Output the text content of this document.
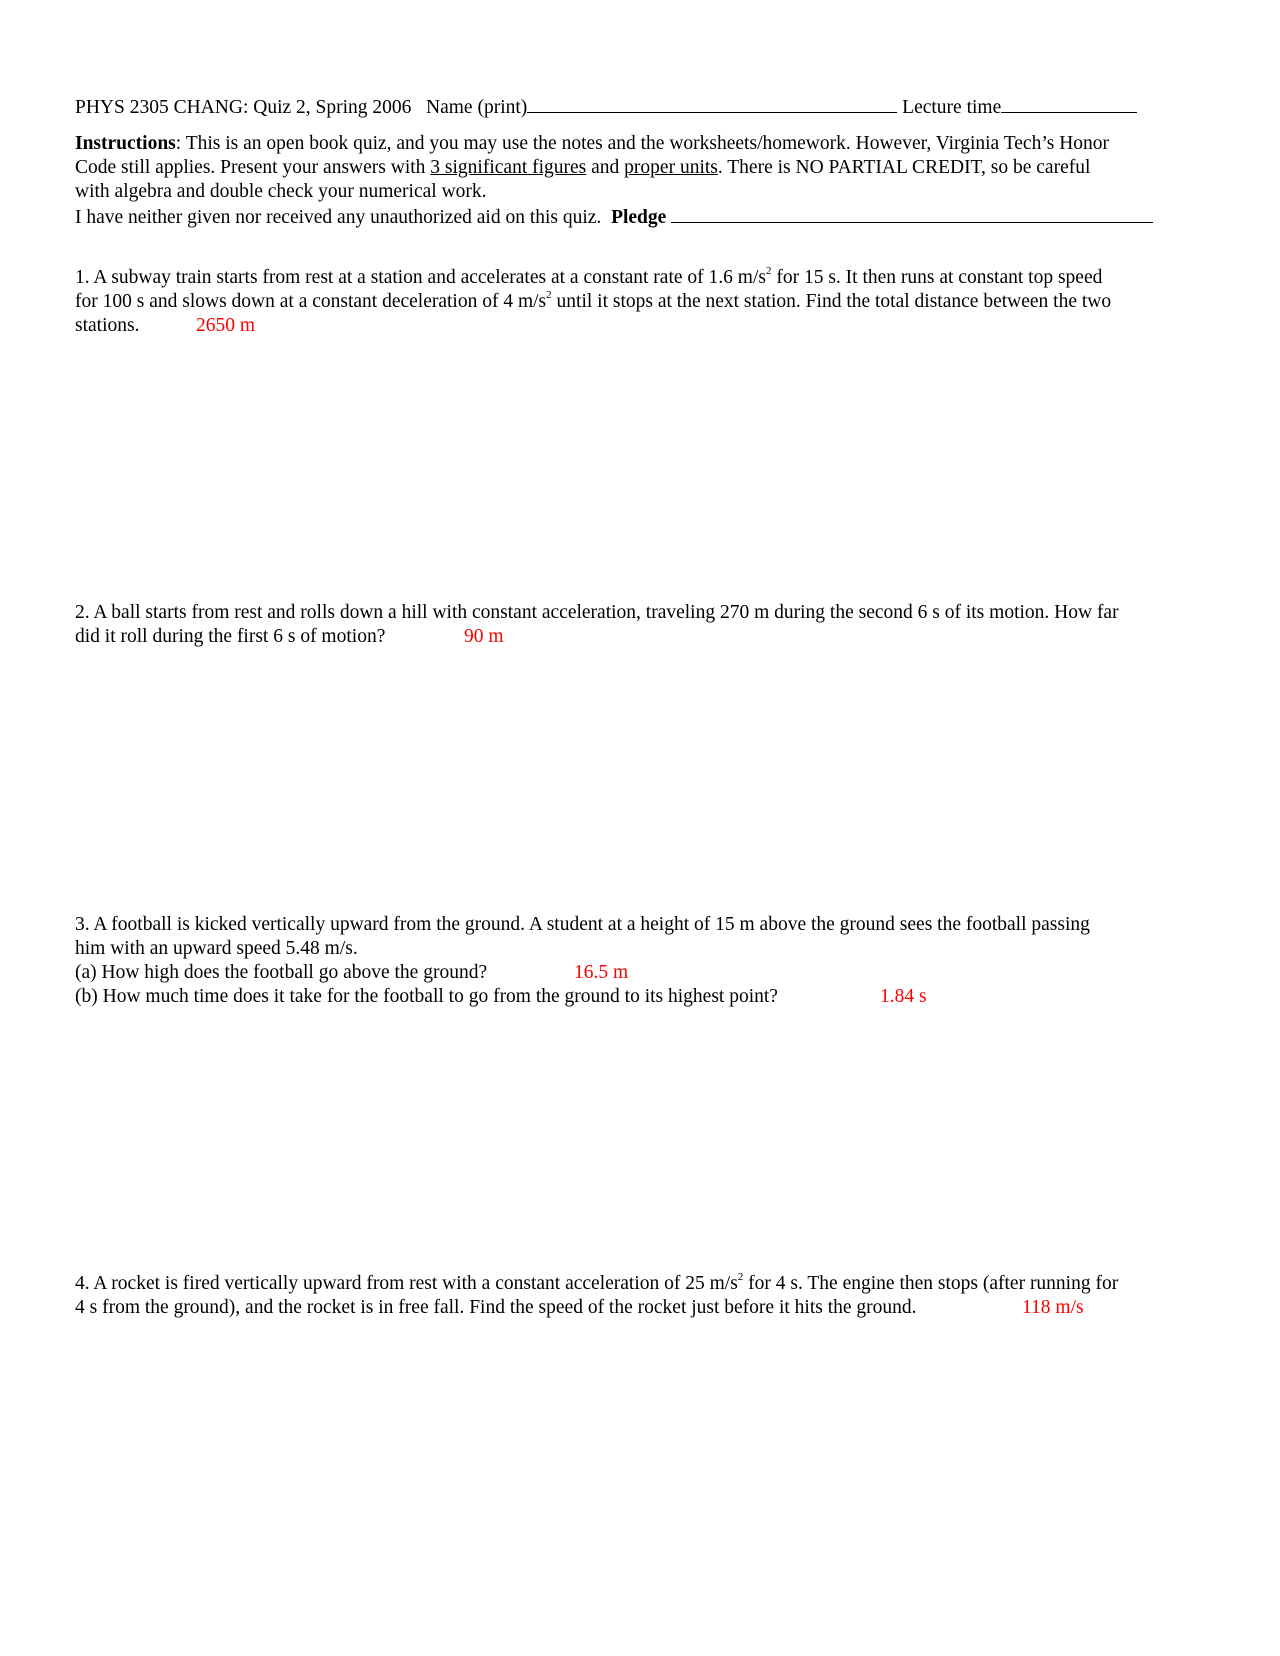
PHYS 2305 CHANG: Quiz 2, Spring 2006 Name (print)	Lecture time
Instructions: This is an open book quiz, and you may use the notes and the worksheets/homework. However, Virginia Tech’s Honor
Code still applies. Present your answers with 3 significant figures and proper units. There is NO PARTIAL CREDIT, so be careful
with algebra and double check your numerical work.
I have neither given nor received any unauthorized aid on this quiz. Pledge
1. A subway train starts from rest at a station and accelerates at a constant rate of 1.6 $m/s^2$ for 15 s. It then runs at constant top speed
for 100 s and slows down at a constant deceleration of 4 $m/s^2$ until it stops at the next station. Find the total distance between the two
stations.	2650 m
2. A ball starts from rest and rolls down a hill with constant acceleration, traveling 270 m during the second 6 s of its motion. How far
did it roll during the first 6 s of motion?	90 m
3. A football is kicked vertically upward from the ground. A student at a height of 15 m above the ground sees the football passing
him with an upward speed 5.48 m/s.
(a) How high does the football go above the ground?	16.5 m
(b) How much time does it take for the football to go from the ground to its highest point?	1.84 s
4. A rocket is fired vertically upward from rest with a constant acceleration of 25 $m/s^2$ for 4 s. The engine then stops (after running for
4 s from the ground), and the rocket is in free fall. Find the speed of the rocket just before it hits the ground.	118 m/s
